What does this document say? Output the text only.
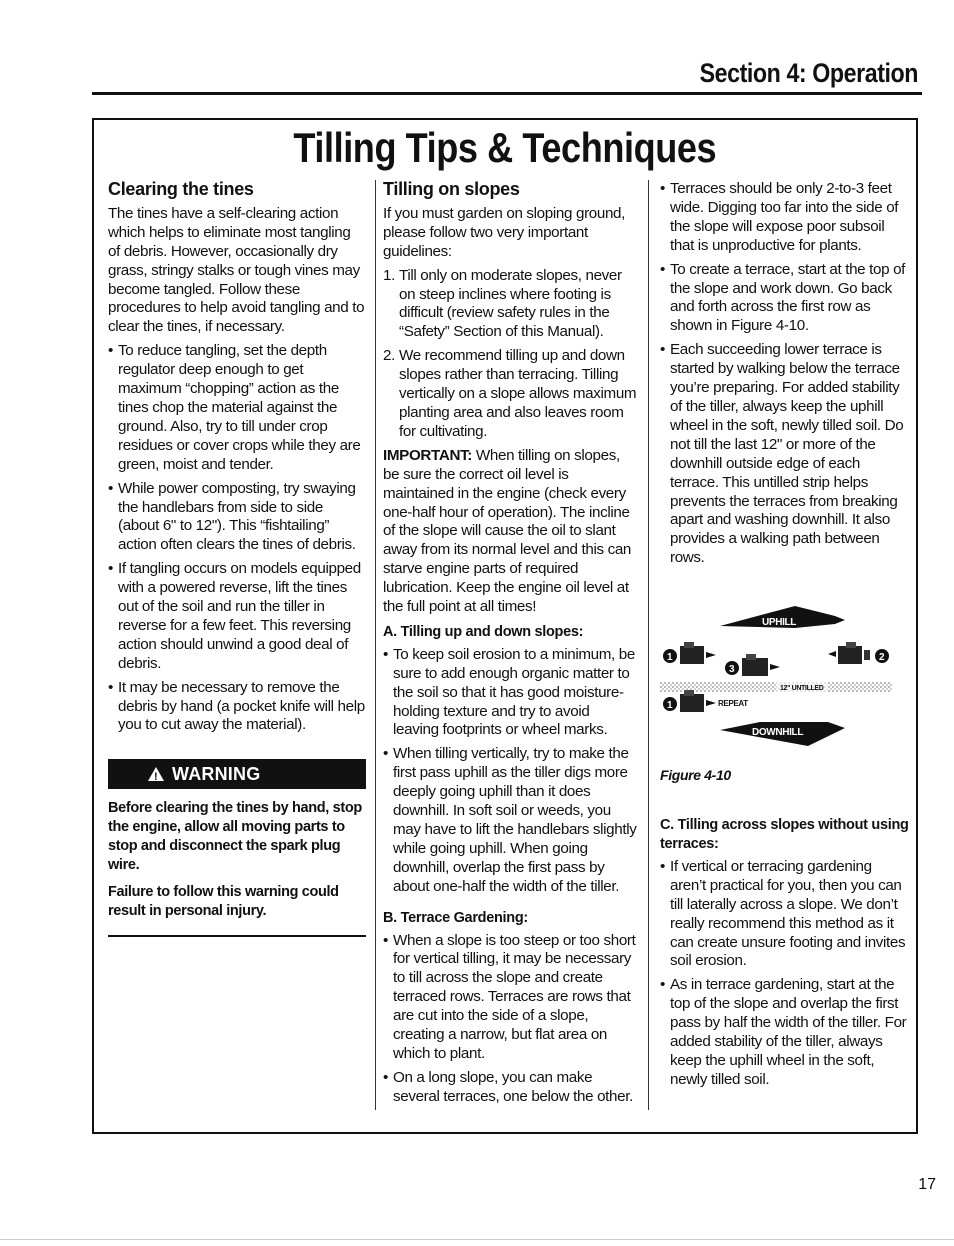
Section 4: Operation
Tilling Tips & Techniques
Clearing the tines

The tines have a self-clearing action which helps to eliminate most tangling of debris. However, occasionally dry grass, stringy stalks or tough vines may become tangled. Follow these procedures to help avoid tangling and to clear the tines, if necessary.

• To reduce tangling, set the depth regulator deep enough to get maximum “chopping” action as the tines chop the material against the ground. Also, try to till under crop residues or cover crops while they are green, moist and tender.
• While power composting, try swaying the handlebars from side to side (about 6" to 12"). This “fishtailing” action often clears the tines of debris.
• If tangling occurs on models equipped with a powered reverse, lift the tines out of the soil and run the tiller in reverse for a few feet. This reversing action should unwind a good deal of debris.
• It may be necessary to remove the debris by hand (a pocket knife will help you to cut away the material).
!
WARNING

Before clearing the tines by hand, stop the engine, allow all moving parts to stop and disconnect the spark plug wire.

Failure to follow this warning could result in personal injury.

Tilling on slopes

If you must garden on sloping ground, please follow two very important guidelines:

1. Till only on moderate slopes, never on steep inclines where footing is difficult (review safety rules in the “Safety” Section of this Manual).
2. We recommend tilling up and down slopes rather than terracing. Tilling vertically on a slope allows maximum planting area and also leaves room for cultivating.

IMPORTANT: When tilling on slopes, be sure the correct oil level is maintained in the engine (check every one-half hour of operation). The incline of the slope will cause the oil to slant away from its normal level and this can starve engine parts of required lubrication. Keep the engine oil level at the full point at all times!

A. Tilling up and down slopes:
• To keep soil erosion to a minimum, be sure to add enough organic matter to the soil so that it has good moisture-holding texture and try to avoid leaving footprints or wheel marks.
• When tilling vertically, try to make the first pass uphill as the tiller digs more deeply going uphill than it does downhill. In soft soil or weeds, you may have to lift the handlebars slightly while going uphill. When going downhill, overlap the first pass by about one-half the width of the tiller.
B. Terrace Gardening:
• When a slope is too steep or too short for vertical tilling, it may be necessary to till across the slope and create terraced rows. Terraces are rows that are cut into the side of a slope, creating a narrow, but flat area on which to plant.
• On a long slope, you can make several terraces, one below the other.
• Terraces should be only 2-to-3 feet wide. Digging too far into the side of the slope will expose poor subsoil that is unproductive for plants.
• To create a terrace, start at the top of the slope and work down. Go back and forth across the first row as shown in Figure 4-10.
• Each succeeding lower terrace is started by walking below the terrace you’re preparing. For added stability of the tiller, always keep the uphill wheel in the soft, newly tilled soil. Do not till the last 12" or more of the downhill outside edge of each terrace. This untilled strip helps prevents the terraces from breaking apart and washing downhill. It also provides a walking path between rows.
UPHILL
1	2
3
12" UNTILLED
1	REPEAT
DOWNHILL
Figure 4-10
C. Tilling across slopes without using terraces:
• If vertical or terracing gardening aren’t practical for you, then you can till laterally across a slope. We don’t really recommend this method as it can create unsure footing and invites soil erosion.
• As in terrace gardening, start at the top of the slope and overlap the first pass by half the width of the tiller. For added stability of the tiller, always keep the uphill wheel in the soft, newly tilled soil.
17
